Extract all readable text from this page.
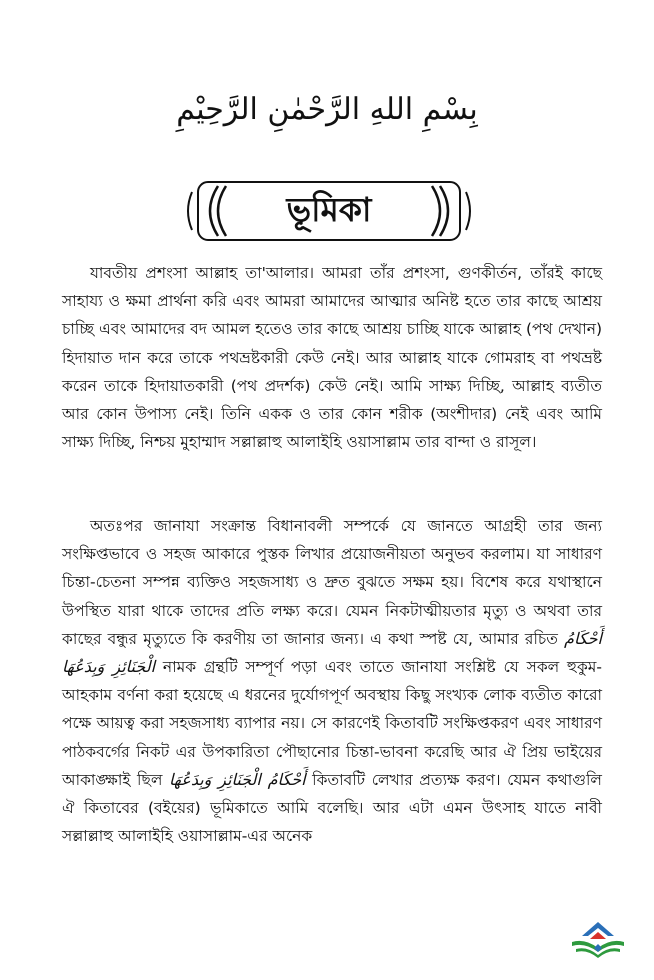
بِسْمِ اللهِ الرَّحْمٰنِ الرَّحِيْمِ
ভূমিকা

যাবতীয় প্রশংসা আল্লাহ তা'আলার। আমরা তাঁর প্রশংসা, গুণকীর্তন, তাঁরই কাছে সাহায্য ও ক্ষমা প্রার্থনা করি এবং আমরা আমাদের আত্মার অনিষ্ট হতে তার কাছে আশ্রয় চাচ্ছি এবং আমাদের বদ আমল হতেও তার কাছে আশ্রয় চাচ্ছি যাকে আল্লাহ (পথ দেখান) হিদায়াত দান করে তাকে পথভ্রষ্টকারী কেউ নেই। আর আল্লাহ যাকে গোমরাহ বা পথভ্রষ্ট করেন তাকে হিদায়াতকারী (পথ প্রদর্শক) কেউ নেই। আমি সাক্ষ্য দিচ্ছি, আল্লাহ ব্যতীত আর কোন উপাস্য নেই। তিনি একক ও তার কোন শরীক (অংশীদার) নেই এবং আমি সাক্ষ্য দিচ্ছি, নিশ্চয় মুহাম্মাদ সল্লাল্লাহু আলাইহি ওয়াসাল্লাম তার বান্দা ও রাসূল।

অতঃপর জানাযা সংক্রান্ত বিধানাবলী সম্পর্কে যে জানতে আগ্রহী তার জন্য সংক্ষিপ্তভাবে ও সহজ আকারে পুস্তক লিখার প্রয়োজনীয়তা অনুভব করলাম। যা সাধারণ চিন্তা-চেতনা সম্পন্ন ব্যক্তিও সহজসাধ্য ও দ্রুত বুঝতে সক্ষম হয়। বিশেষ করে যথাস্থানে উপস্থিত যারা থাকে তাদের প্রতি লক্ষ্য করে। যেমন নিকটাত্মীয়তার মৃত্যু ও অথবা তার কাছের বন্ধুর মৃত্যুতে কি করণীয় তা জানার জন্য। এ কথা স্পষ্ট যে, আমার রচিত أَحْكَامُ الْجَنَائِزِ وَبِدَعُهَا নামক গ্রন্থটি সম্পূর্ণ পড়া এবং তাতে জানাযা সংশ্লিষ্ট যে সকল হুকুম-আহকাম বর্ণনা করা হয়েছে এ ধরনের দুর্যোগপূর্ণ অবস্থায় কিছু সংখ্যক লোক ব্যতীত কারো পক্ষে আয়ত্ব করা সহজসাধ্য ব্যাপার নয়। সে কারণেই কিতাবটি সংক্ষিপ্তকরণ এবং সাধারণ পাঠকবর্গের নিকট এর উপকারিতা পৌছানোর চিন্তা-ভাবনা করেছি আর ঐ প্রিয় ভাইয়ের আকাঙ্ক্ষাই ছিল أَحْكَامُ الْجَنَائِزِ وَبِدَعُهَا কিতাবটি লেখার প্রত্যক্ষ করণ। যেমন কথাগুলি ঐ কিতাবের (বইয়ের) ভূমিকাতে আমি বলেছি। আর এটা এমন উৎসাহ যাতে নাবী সল্লাল্লাহু আলাইহি ওয়াসাল্লাম-এর অনেক
